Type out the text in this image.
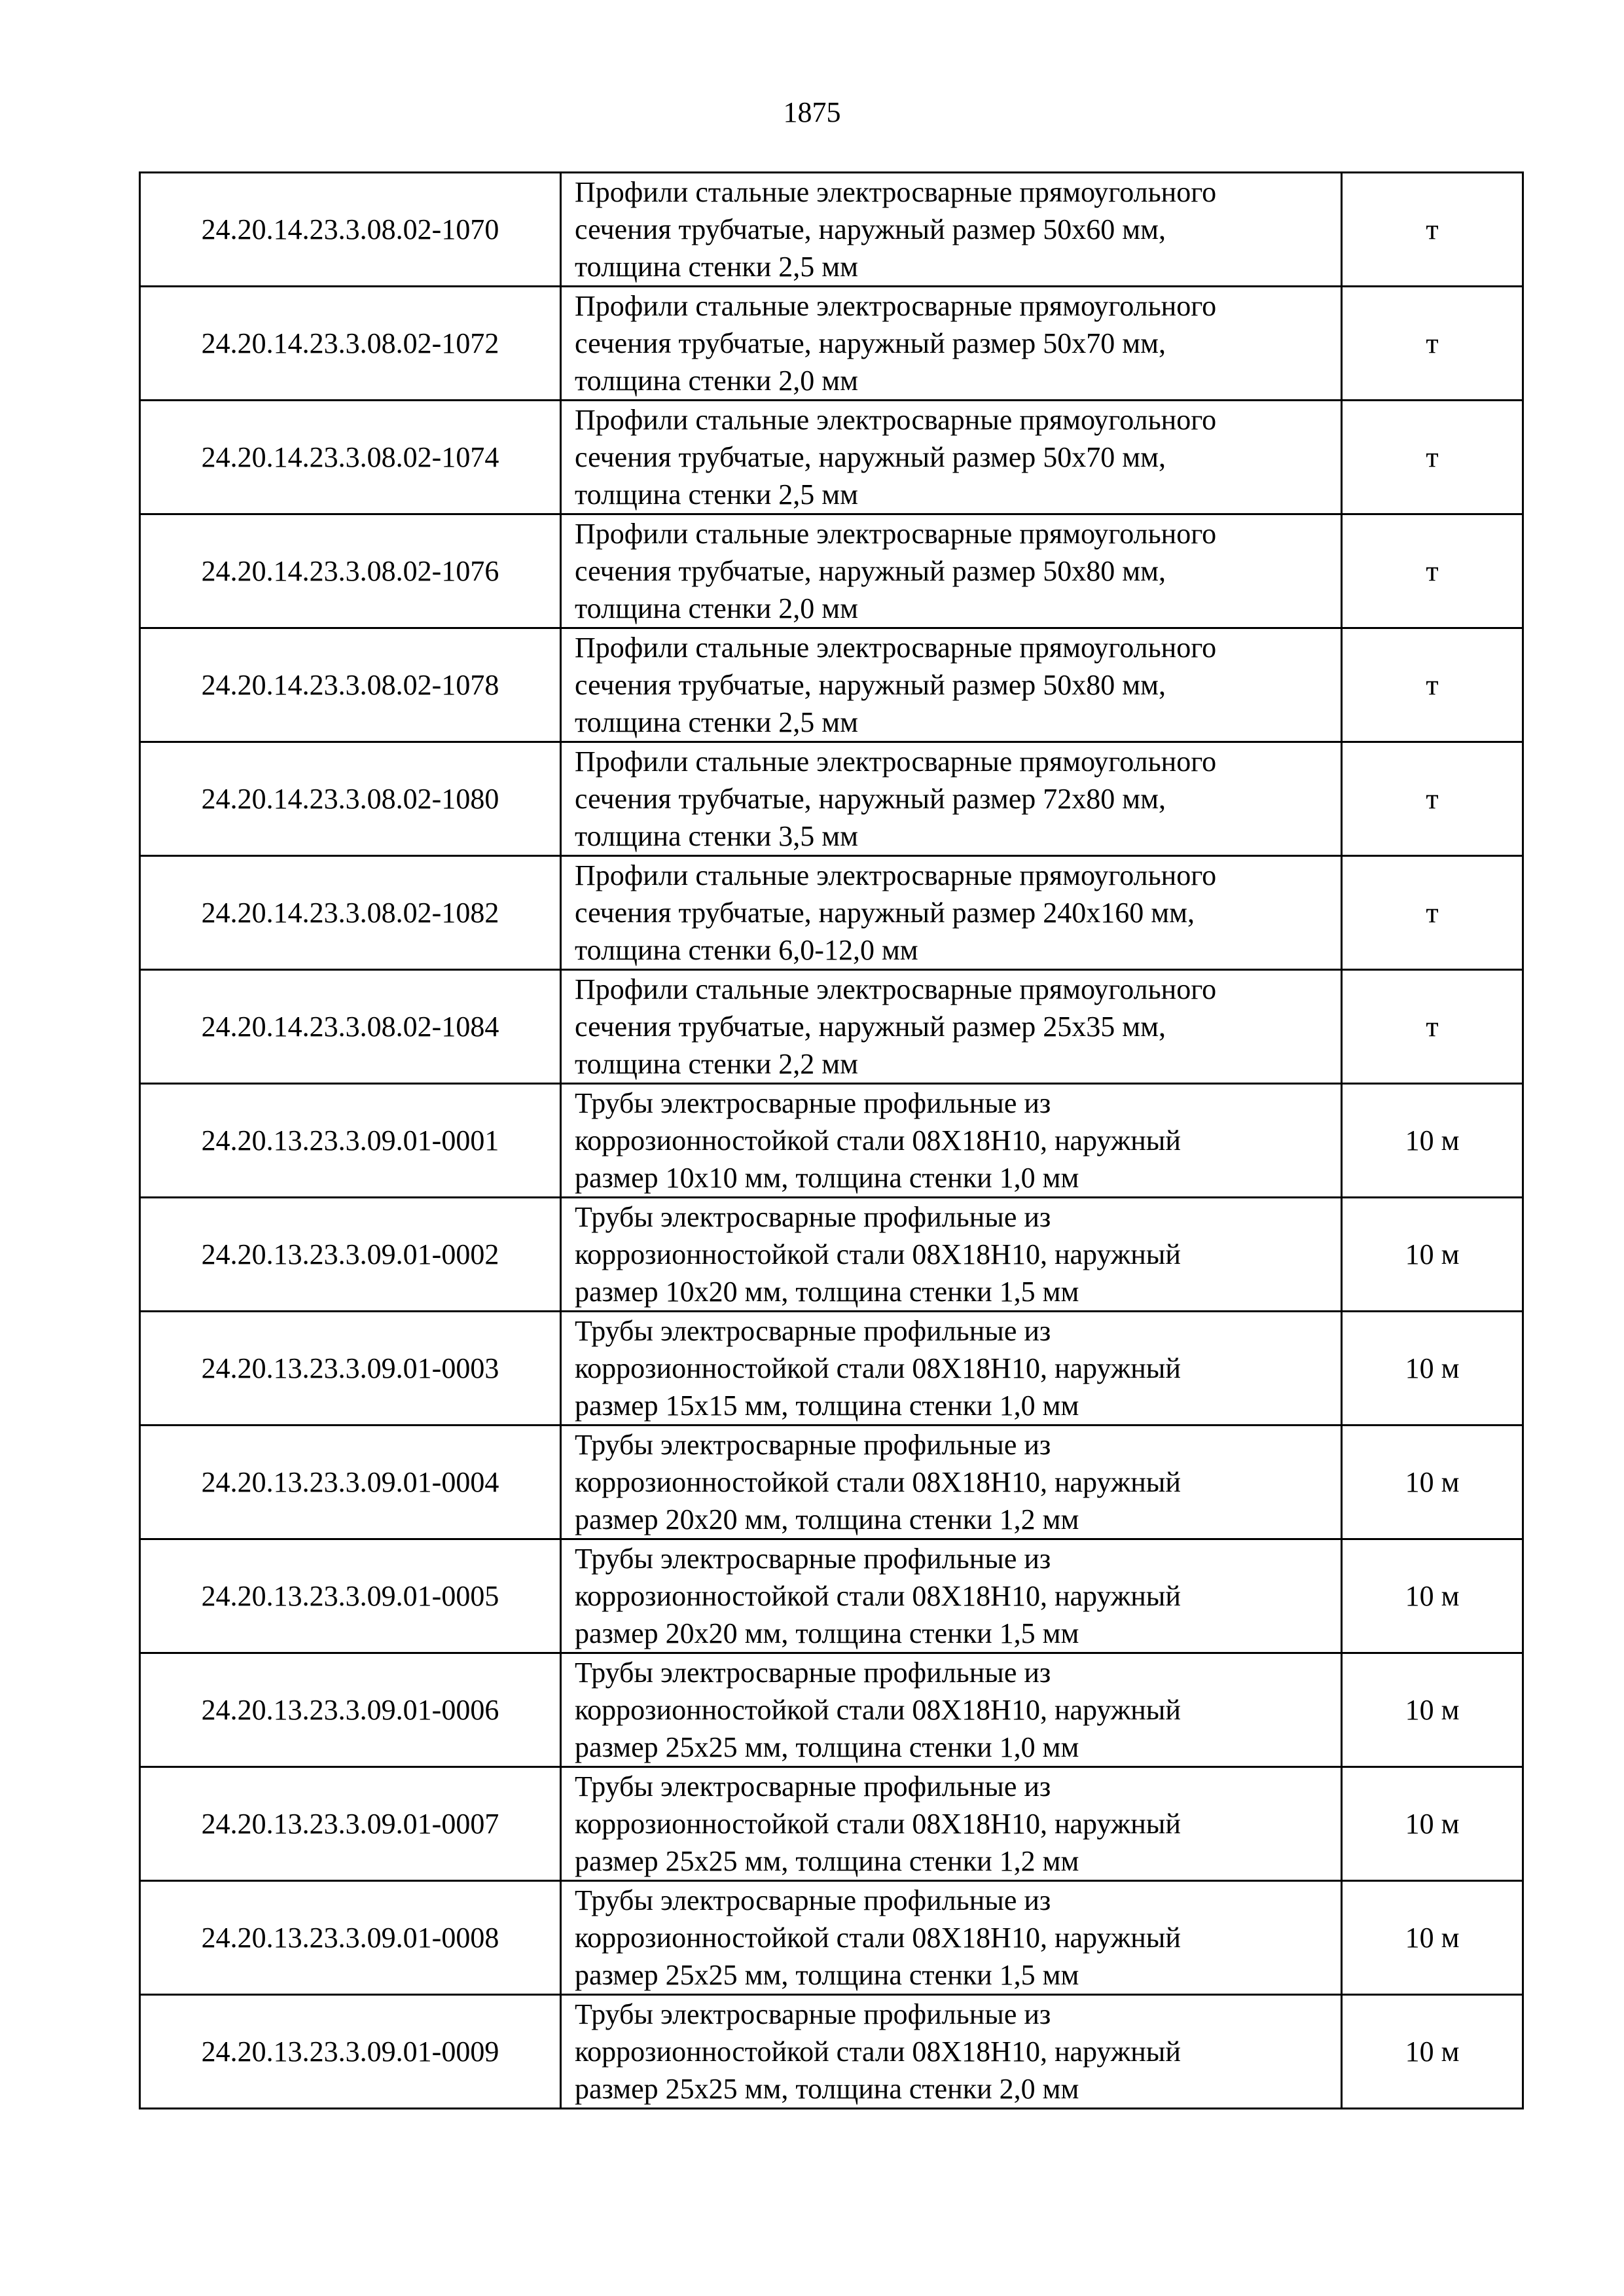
1875
24.20.14.23.3.08.02-1070	Профили стальные электросварные прямоугольного
сечения трубчатые, наружный размер 50х60 мм,
толщина стенки 2,5 мм	т
24.20.14.23.3.08.02-1072	Профили стальные электросварные прямоугольного
сечения трубчатые, наружный размер 50х70 мм,
толщина стенки 2,0 мм	т
24.20.14.23.3.08.02-1074	Профили стальные электросварные прямоугольного
сечения трубчатые, наружный размер 50х70 мм,
толщина стенки 2,5 мм	т
24.20.14.23.3.08.02-1076	Профили стальные электросварные прямоугольного
сечения трубчатые, наружный размер 50х80 мм,
толщина стенки 2,0 мм	т
24.20.14.23.3.08.02-1078	Профили стальные электросварные прямоугольного
сечения трубчатые, наружный размер 50х80 мм,
толщина стенки 2,5 мм	т
24.20.14.23.3.08.02-1080	Профили стальные электросварные прямоугольного
сечения трубчатые, наружный размер 72х80 мм,
толщина стенки 3,5 мм	т
24.20.14.23.3.08.02-1082	Профили стальные электросварные прямоугольного
сечения трубчатые, наружный размер 240х160 мм,
толщина стенки 6,0-12,0 мм	т
24.20.14.23.3.08.02-1084	Профили стальные электросварные прямоугольного
сечения трубчатые, наружный размер 25х35 мм,
толщина стенки 2,2 мм	т
24.20.13.23.3.09.01-0001	Трубы электросварные профильные из
коррозионностойкой стали 08Х18Н10, наружный
размер 10х10 мм, толщина стенки 1,0 мм	10 м
24.20.13.23.3.09.01-0002	Трубы электросварные профильные из
коррозионностойкой стали 08Х18Н10, наружный
размер 10х20 мм, толщина стенки 1,5 мм	10 м
24.20.13.23.3.09.01-0003	Трубы электросварные профильные из
коррозионностойкой стали 08Х18Н10, наружный
размер 15х15 мм, толщина стенки 1,0 мм	10 м
24.20.13.23.3.09.01-0004	Трубы электросварные профильные из
коррозионностойкой стали 08Х18Н10, наружный
размер 20х20 мм, толщина стенки 1,2 мм	10 м
24.20.13.23.3.09.01-0005	Трубы электросварные профильные из
коррозионностойкой стали 08Х18Н10, наружный
размер 20х20 мм, толщина стенки 1,5 мм	10 м
24.20.13.23.3.09.01-0006	Трубы электросварные профильные из
коррозионностойкой стали 08Х18Н10, наружный
размер 25х25 мм, толщина стенки 1,0 мм	10 м
24.20.13.23.3.09.01-0007	Трубы электросварные профильные из
коррозионностойкой стали 08Х18Н10, наружный
размер 25х25 мм, толщина стенки 1,2 мм	10 м
24.20.13.23.3.09.01-0008	Трубы электросварные профильные из
коррозионностойкой стали 08Х18Н10, наружный
размер 25х25 мм, толщина стенки 1,5 мм	10 м
24.20.13.23.3.09.01-0009	Трубы электросварные профильные из
коррозионностойкой стали 08Х18Н10, наружный
размер 25х25 мм, толщина стенки 2,0 мм	10 м
